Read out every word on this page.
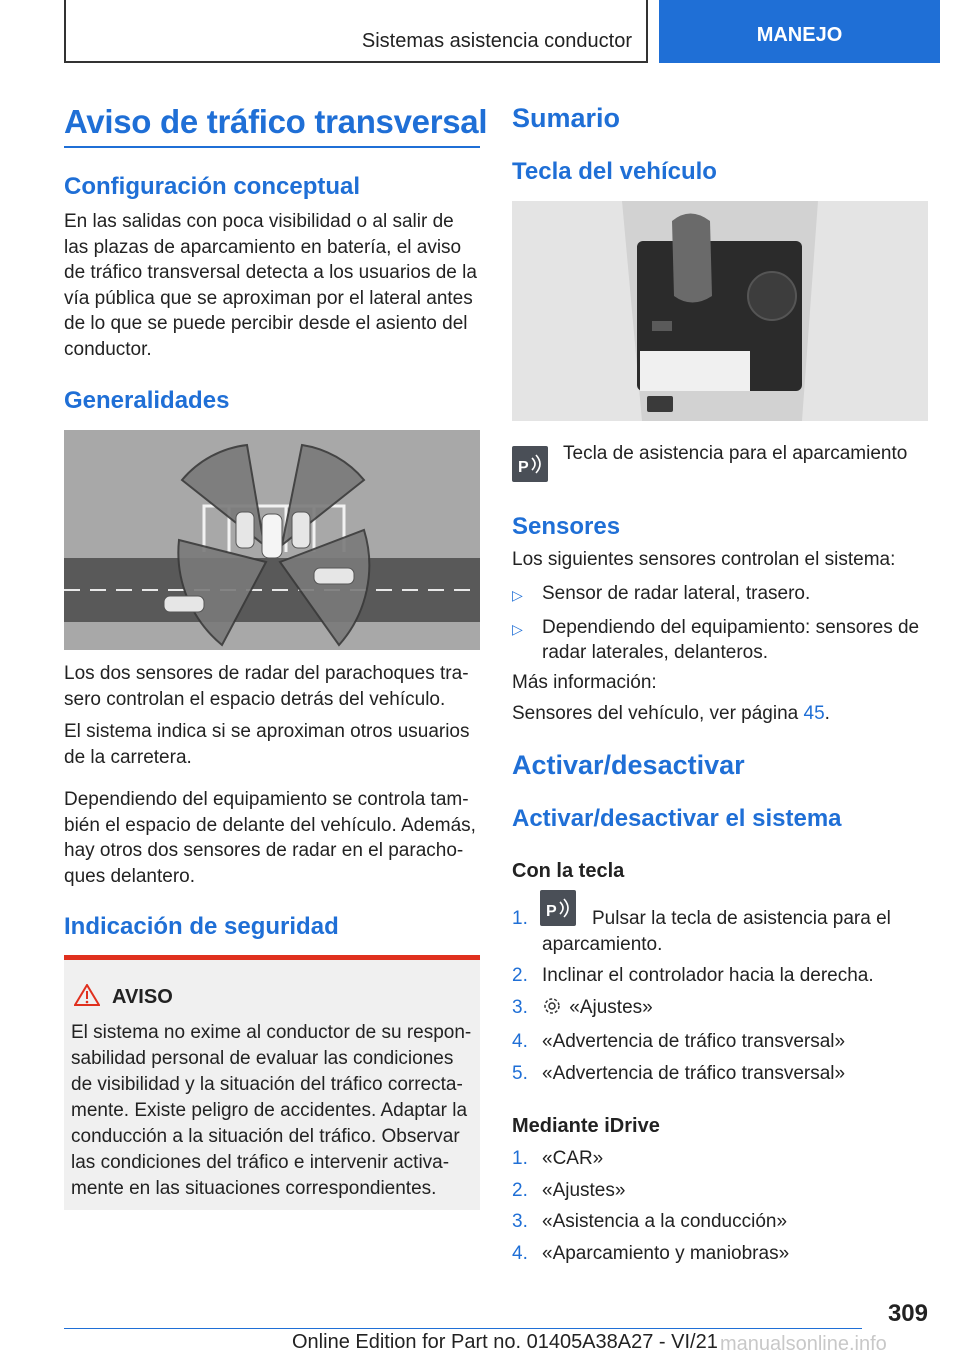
Sistemas asistencia conductor	MANEJO
Aviso de tráfico transversal
Configuración conceptual

En las salidas con poca visibilidad o al salir de las plazas de aparcamiento en batería, el aviso de tráfico transversal detecta a los usuarios de la vía pública que se aproximan por el lateral antes de lo que se puede percibir desde el asiento del conductor.

Generalidades

Los dos sensores de radar del parachoques tra-sero controlan el espacio detrás del vehículo.

El sistema indica si se aproximan otros usuarios de la carretera.

Dependiendo del equipamiento se controla tam-bién el espacio de delante del vehículo. Además, hay otros dos sensores de radar en el paracho-ques delantero.

Indicación de seguridad
AVISO
El sistema no exime al conductor de su respon-sabilidad personal de evaluar las condiciones de visibilidad y la situación del tráfico correcta-mente. Existe peligro de accidentes. Adaptar la conducción a la situación del tráfico. Observar las condiciones del tráfico e intervenir activa-mente en las situaciones correspondientes.
Sumario
Tecla del vehículo
P

Tecla de asistencia para el aparcamiento

Sensores

Los siguientes sensores controlan el sistema:

▷ Sensor de radar lateral, trasero.
▷ Dependiendo del equipamiento: sensores de radar laterales, delanteros.

Más información:

Sensores del vehículo, ver página 45.

Activar/desactivar
Activar/desactivar el sistema
Con la tecla
1. P Pulsar la tecla de asistencia para el aparcamiento.
2. Inclinar el controlador hacia la derecha.
3. «Ajustes»
4. «Advertencia de tráfico transversal»
5. «Advertencia de tráfico transversal»
Mediante iDrive
1. «CAR»
2. «Ajustes»
3. «Asistencia a la conducción»
4. «Aparcamiento y maniobras»
309
Online Edition for Part no. 01405A38A27 - VI/21 manualsonline.info
